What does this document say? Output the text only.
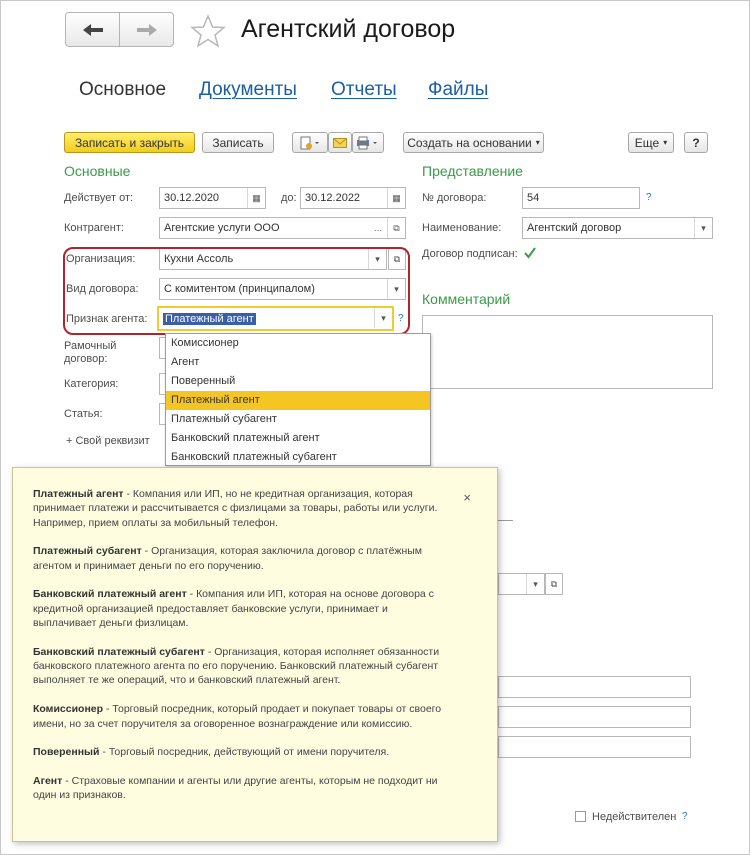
Агентский договор
Основное Документы Отчеты Файлы
Записать и закрыть	Записать	Создать на основании ▾	Еще ▾	?
Основные
Действует от:	30.12.2020	▦	до: 30.12.2022	▦
Контрагент:	Агентские услуги ООО	…	⧉
Организация:	Кухни Ассоль	▾	⧉
Вид договора: С комитентом (принципалом)	▾
Признак агента: Платежный агент	▾	?
Рамочный
договор:
Категория:
Статья:
+ Свой реквизит
Представление
№ договора:	54	?
Наименование: Агентский договор	▾
Договор подписан:
Комментарий
▾	⧉
Недействителен ?
Комиссионер
Агент
Поверенный
Платежный агент
Платежный субагент
Банковский платежный агент
Банковский платежный субагент
×

Платежный агент - Компания или ИП, но не кредитная организация, которая принимает платежи и рассчитывается с физлицами за товары, работы или услуги. Например, прием оплаты за мобильный телефон.

Платежный субагент - Организация, которая заключила договор с платёжным агентом и принимает деньги по его поручению.

Банковский платежный агент - Компания или ИП, которая на основе договора с кредитной организацией предоставляет банковские услуги, принимает и выплачивает деньги физлицам.

Банковский платежный субагент - Организация, которая исполняет обязанности банковского платежного агента по его поручению. Банковский платежный субагент выполняет те же операций, что и банковский платежный агент.

Комиссионер - Торговый посредник, который продает и покупает товары от своего имени, но за счет поручителя за оговоренное вознаграждение или комиссию.

Поверенный - Торговый посредник, действующий от имени поручителя.

Агент - Страховые компании и агенты или другие агенты, которым не подходит ни один из признаков.
